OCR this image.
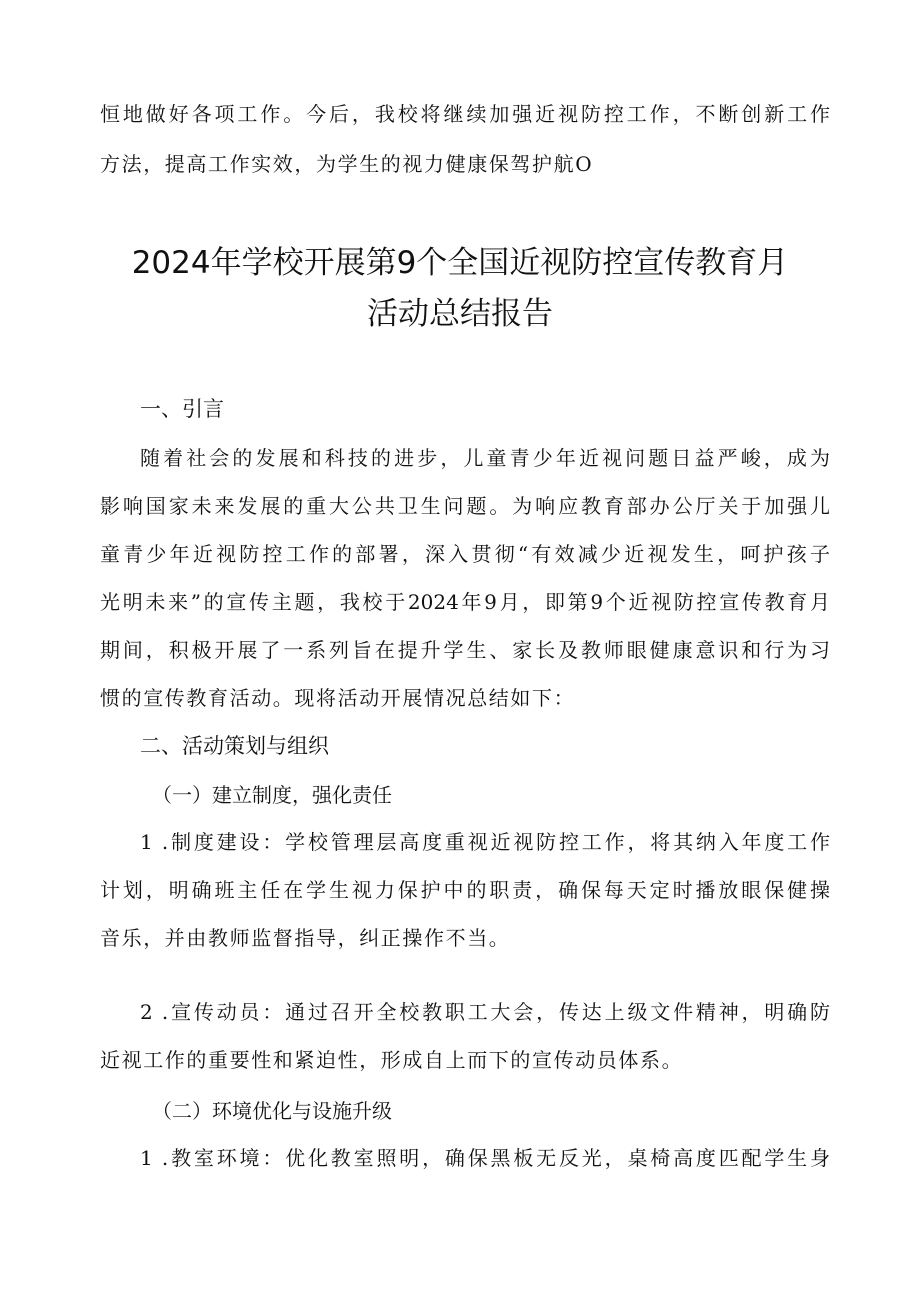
恒地做好各项工作。今后，我校将继续加强近视防控工作，不断创新工作
方法，提高工作实效，为学生的视力健康保驾护航O
2024年学校开展第9个全国近视防控宣传教育月
活动总结报告
一、引言
随着社会的发展和科技的进步，儿童青少年近视问题日益严峻，成为
影响国家未来发展的重大公共卫生问题。为响应教育部办公厅关于加强儿
童青少年近视防控工作的部署，深入贯彻“有效减少近视发生，呵护孩子
光明未来”的宣传主题，我校于2024年9月，即第9个近视防控宣传教育月
期间，积极开展了一系列旨在提升学生、家长及教师眼健康意识和行为习
惯的宣传教育活动。现将活动开展情况总结如下：
二、活动策划与组织
（一）建立制度，强化责任
1 .制度建设：学校管理层高度重视近视防控工作，将其纳入年度工作
计划，明确班主任在学生视力保护中的职责，确保每天定时播放眼保健操
音乐，并由教师监督指导，纠正操作不当。
2 .宣传动员：通过召开全校教职工大会，传达上级文件精神，明确防
近视工作的重要性和紧迫性，形成自上而下的宣传动员体系。
（二）环境优化与设施升级
1 .教室环境：优化教室照明，确保黑板无反光，桌椅高度匹配学生身
